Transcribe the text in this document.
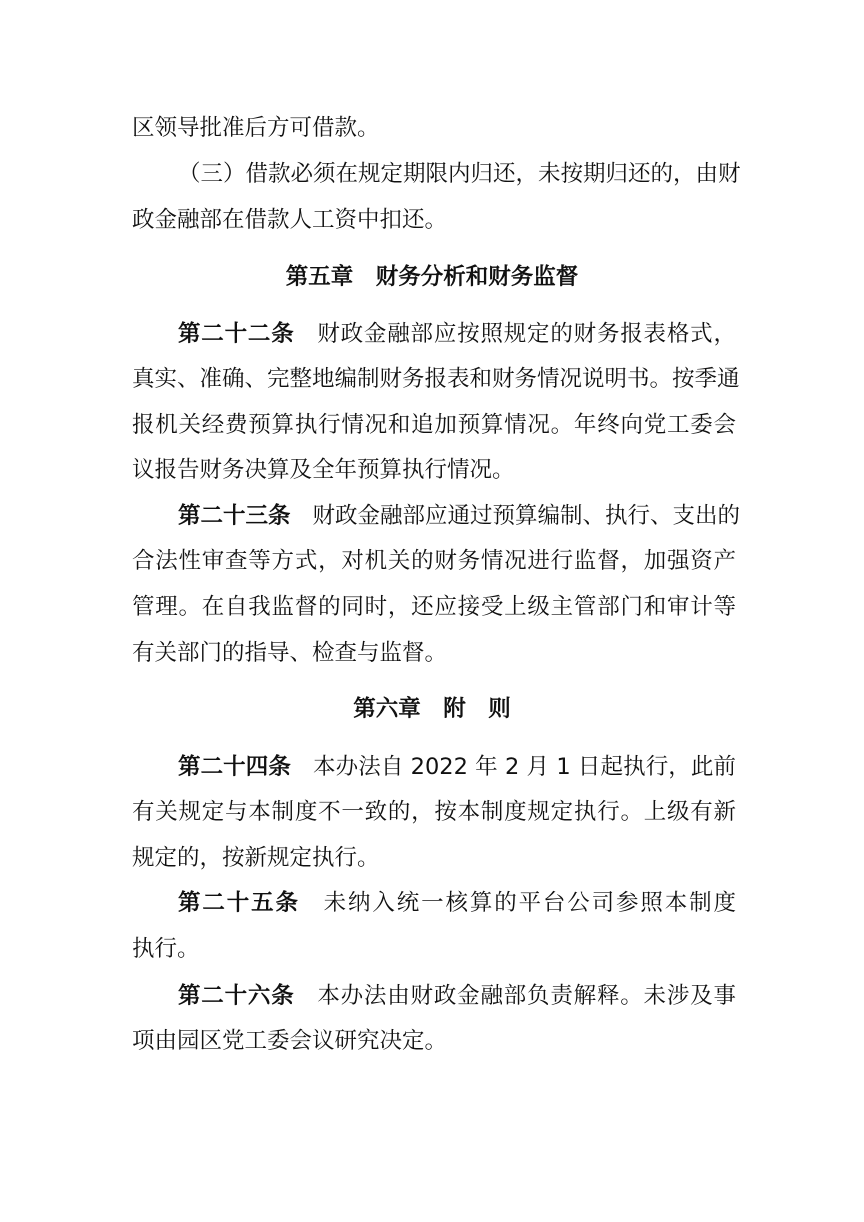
区领导批准后方可借款。
（三）借款必须在规定期限内归还，未按期归还的，由财
政金融部在借款人工资中扣还。
第五章　财务分析和财务监督
第二十二条 财政金融部应按照规定的财务报表格式，
真实、准确、完整地编制财务报表和财务情况说明书。按季通
报机关经费预算执行情况和追加预算情况。年终向党工委会
议报告财务决算及全年预算执行情况。
第二十三条 财政金融部应通过预算编制、执行、支出的
合法性审查等方式，对机关的财务情况进行监督，加强资产
管理。在自我监督的同时，还应接受上级主管部门和审计等
有关部门的指导、检查与监督。
第六章　附　则
第二十四条 本办法自 2022 年 2 月 1 日起执行，此前
有关规定与本制度不一致的，按本制度规定执行。上级有新
规定的，按新规定执行。
第二十五条 未纳入统一核算的平台公司参照本制度
执行。
第二十六条 本办法由财政金融部负责解释。未涉及事
项由园区党工委会议研究决定。
